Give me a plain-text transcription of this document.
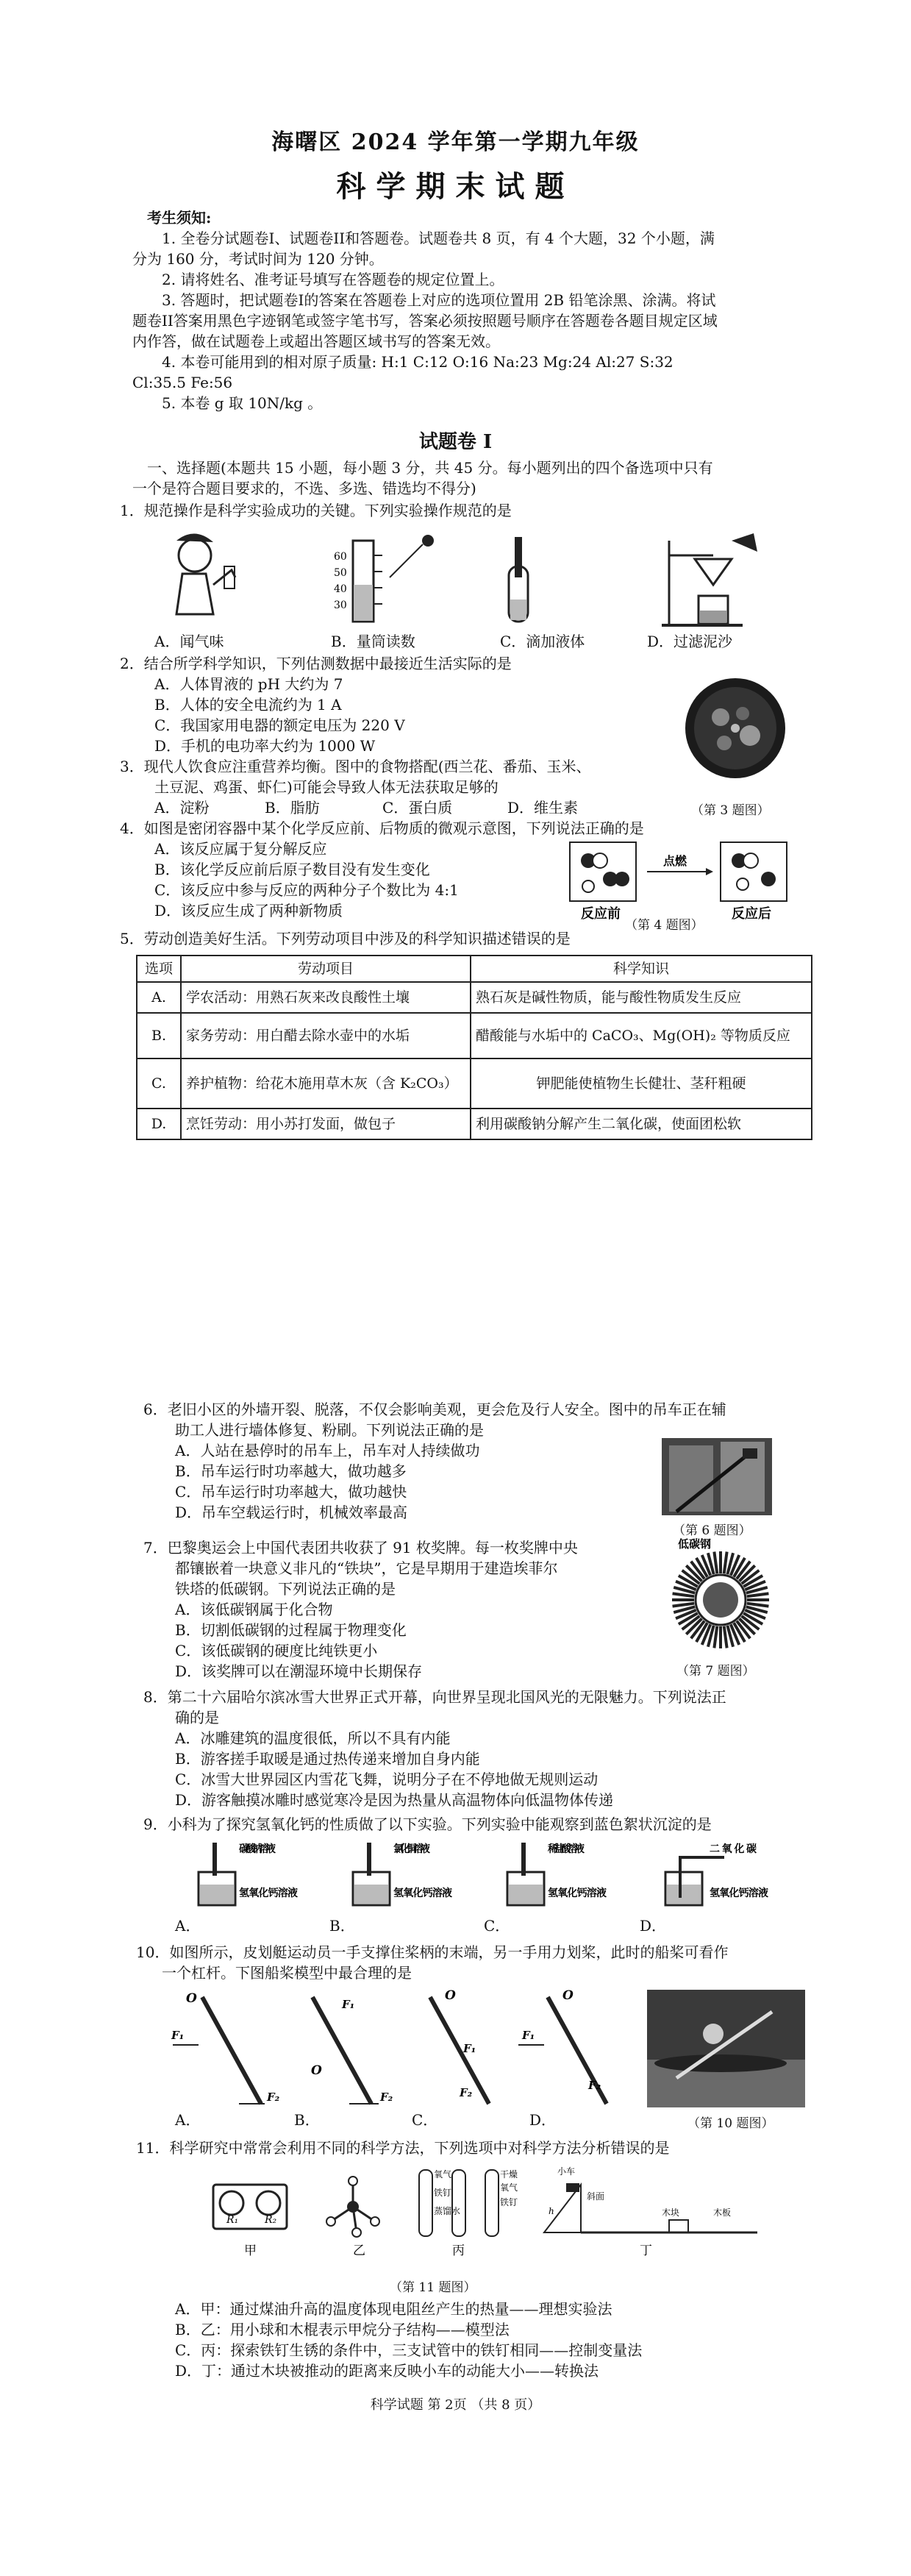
海曙区 2024 学年第一学期九年级
科学期末试题
考生须知:
1. 全卷分试题卷I、试题卷II和答题卷。试题卷共 8 页，有 4 个大题，32 个小题，满
分为 160 分，考试时间为 120 分钟。
2. 请将姓名、准考证号填写在答题卷的规定位置上。
3. 答题时，把试题卷I的答案在答题卷上对应的选项位置用 2B 铅笔涂黑、涂满。将试
题卷II答案用黑色字迹钢笔或签字笔书写，答案必须按照题号顺序在答题卷各题目规定区域
内作答，做在试题卷上或超出答题区域书写的答案无效。
4. 本卷可能用到的相对原子质量: H:1 C:12 O:16 Na:23 Mg:24 Al:27 S:32
Cl:35.5 Fe:56
5. 本卷 g 取 10N/kg 。
试题卷 I
一、选择题(本题共 15 小题，每小题 3 分，共 45 分。每小题列出的四个备选项中只有
一个是符合题目要求的，不选、多选、错选均不得分)
1．规范操作是科学实验成功的关键。下列实验操作规范的是
60
50
40
30
A．闻气味	B．量筒读数	C．滴加液体	D．过滤泥沙
2．结合所学科学知识，下列估测数据中最接近生活实际的是
A．人体胃液的 pH 大约为 7
B．人体的安全电流约为 1 A
C．我国家用电器的额定电压为 220 V
D．手机的电功率大约为 1000 W
3．现代人饮食应注重营养均衡。图中的食物搭配(西兰花、番茄、玉米、
土豆泥、鸡蛋、虾仁)可能会导致人体无法获取足够的
A．淀粉	B．脂肪	C．蛋白质	D．维生素	（第 3 题图）
4．如图是密闭容器中某个化学反应前、后物质的微观示意图，下列说法正确的是
A．该反应属于复分解反应
B．该化学反应前后原子数目没有发生变化
C．该反应中参与反应的两种分子个数比为 4:1
D．该反应生成了两种新物质
点燃
反应前	反应后
（第 4 题图）
5．劳动创造美好生活。下列劳动项目中涉及的科学知识描述错误的是
选项	劳动项目	科学知识
A.	学农活动：用熟石灰来改良酸性土壤	熟石灰是碱性物质，能与酸性物质发生反应
B.	家务劳动：用白醋去除水壶中的水垢	醋酸能与水垢中的 CaCO₃、Mg(OH)₂ 等物质反应
C.	养护植物：给花木施用草木灰（含 K₂CO₃）	钾肥能使植物生长健壮、茎秆粗硬
D.	烹饪劳动：用小苏打发面，做包子	利用碳酸钠分解产生二氧化碳，使面团松软
6．老旧小区的外墙开裂、脱落，不仅会影响美观，更会危及行人安全。图中的吊车正在辅
助工人进行墙体修复、粉刷。下列说法正确的是
A．人站在悬停时的吊车上，吊车对人持续做功
B．吊车运行时功率越大，做功越多
C．吊车运行时功率越大，做功越快
D．吊车空载运行时，机械效率最高
（第 6 题图）
7．巴黎奥运会上中国代表团共收获了 91 枚奖牌。每一枚奖牌中央
都镶嵌着一块意义非凡的“铁块”，它是早期用于建造埃菲尔
铁塔的低碳钢。下列说法正确的是
A．该低碳钢属于化合物
B．切割低碳钢的过程属于物理变化
C．该低碳钢的硬度比纯铁更小
D．该奖牌可以在潮湿环境中长期保存
低碳钢
（第 7 题图）
8．第二十六届哈尔滨冰雪大世界正式开幕，向世界呈现北国风光的无限魅力。下列说法正
确的是
A．冰雕建筑的温度很低，所以不具有内能
B．游客搓手取暖是通过热传递来增加自身内能
C．冰雪大世界园区内雪花飞舞，说明分子在不停地做无规则运动
D．游客触摸冰雕时感觉寒冷是因为热量从高温物体向低温物体传递
9．小科为了探究氢氧化钙的性质做了以下实验。下列实验中能观察到蓝色絮状沉淀的是
碳酸钠溶液
氢氧化钙溶液
氯化铜溶液
氢氧化钙溶液
稀盐酸溶液
氢氧化钙溶液
二氧化碳
氢氧化钙溶液
A．	B．	C．	D．
10．如图所示，皮划艇运动员一手支撑住桨柄的末端，另一手用力划桨，此时的船桨可看作
一个杠杆。下图船桨模型中最合理的是
O
F₁
F₂
F₁
O
F₂
O
F₁
F₂
O
F₁
F₂
A．	B．	C．	D．	（第 10 题图）
11．科学研究中常常会利用不同的科学方法，下列选项中对科学方法分析错误的是
R₁	R₂
甲	乙
氧气
铁钉
蒸馏水
干燥
氧气
铁钉
丙
斜面
木块	木板
小车
h
丁
（第 11 题图）
A．甲：通过煤油升高的温度体现电阻丝产生的热量——理想实验法
B．乙：用小球和木棍表示甲烷分子结构——模型法
C．丙：探索铁钉生锈的条件中，三支试管中的铁钉相同——控制变量法
D．丁：通过木块被推动的距离来反映小车的动能大小——转换法
科学试题 第 2页 （共 8 页）
